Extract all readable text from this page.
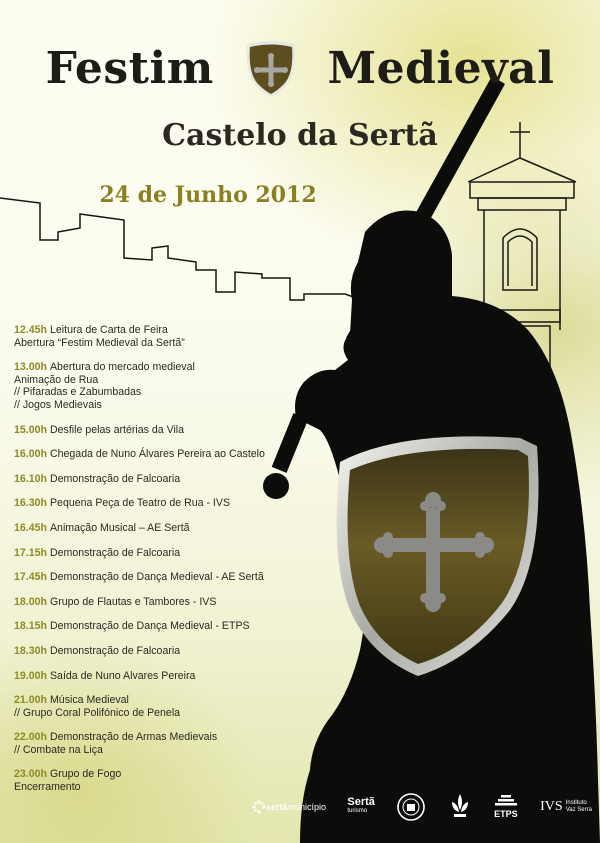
Festim	Medieval
Castelo da Sertã
24 de Junho 2012
12.45h Leitura de Carta de Feira
Abertura “Festim Medieval da Sertã”
13.00h Abertura do mercado medieval
Animação de Rua
// Pifaradas e Zabumbadas
// Jogos Medievais
15.00h Desfile pelas artérias da Vila
16.00h Chegada de Nuno Álvares Pereira ao Castelo
16.10h Demonstração de Falcoaria
16.30h Pequena Peça de Teatro de Rua - IVS
16.45h Animação Musical – AE Sertã
17.15h Demonstração de Falcoaria
17.45h Demonstração de Dança Medieval - AE Sertã
18.00h Grupo de Flautas e Tambores - IVS
18.15h Demonstração de Dança Medieval - ETPS
18.30h Demonstração de Falcoaria
19.00h Saída de Nuno Alvares Pereira
21.00h Música Medieval
// Grupo Coral Polifónico de Penela
22.00h Demonstração de Armas Medievais
// Combate na Liça
23.00h Grupo de Fogo
Encerramento
sertã município Sertã
turismo	ETPS IVS Instituto
Vaz Serra
